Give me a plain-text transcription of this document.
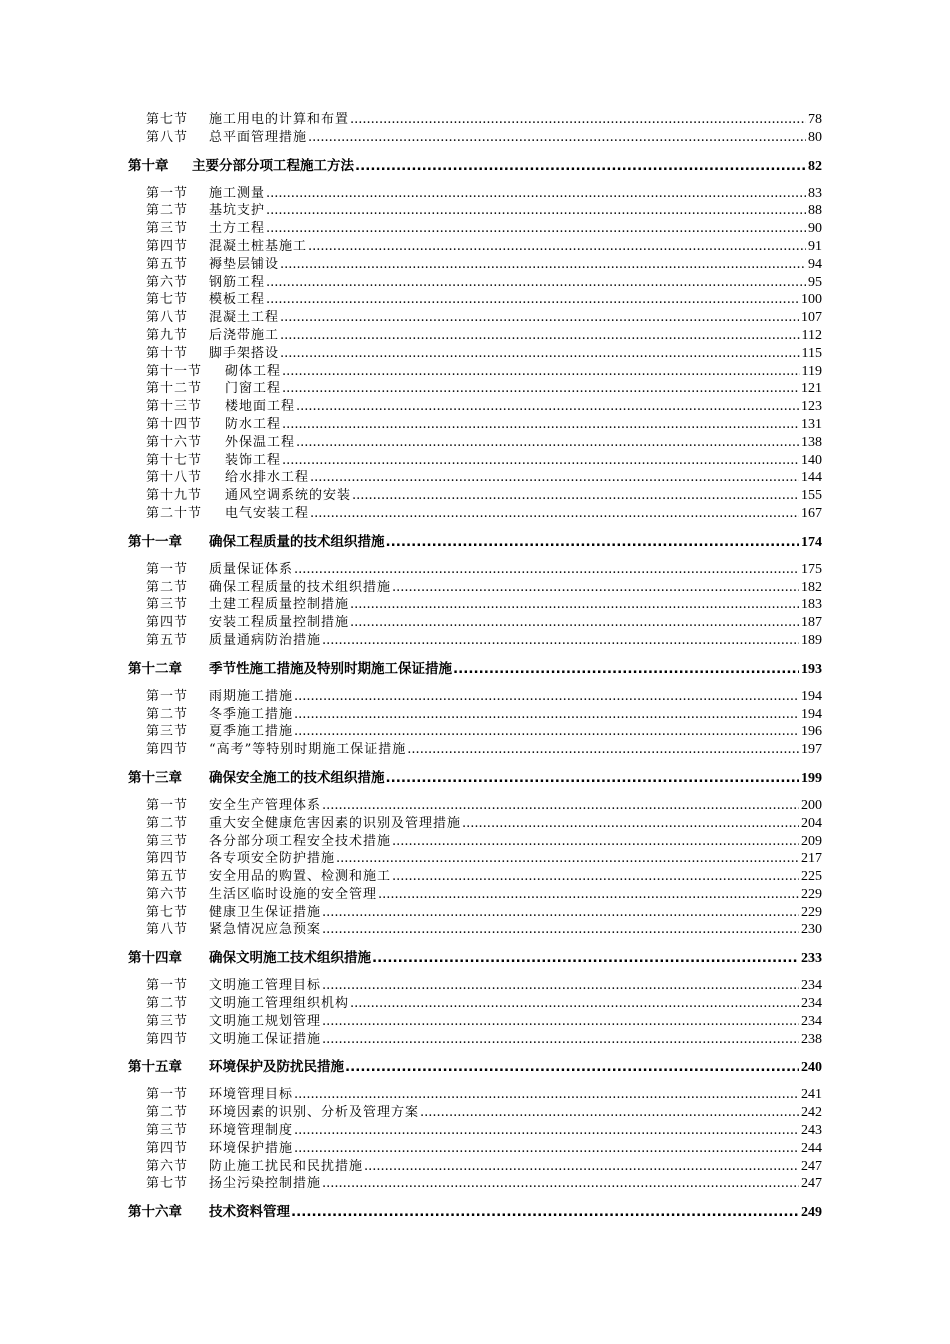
第七节 施工用电的计算和布置 .....	78
第八节 总平面管理措施 .....	80
第十章 主要分部分项工程施工方法 .....	82
第一节 施工测量 .....	83
第二节 基坑支护 .....	88
第三节 土方工程 .....	90
第四节 混凝土桩基施工 .....	91
第五节 褥垫层铺设 .....	94
第六节 钢筋工程 .....	95
第七节 模板工程 .....	100
第八节 混凝土工程 .....	107
第九节 后浇带施工 .....	112
第十节 脚手架搭设 .....	115
第十一节 砌体工程 .....	119
第十二节 门窗工程 .....	121
第十三节 楼地面工程 .....	123
第十四节 防水工程 .....	131
第十六节 外保温工程 .....	138
第十七节 装饰工程 .....	140
第十八节 给水排水工程 .....	144
第十九节 通风空调系统的安装 .....	155
第二十节 电气安装工程 .....	167
第十一章 确保工程质量的技术组织措施 .....	174
第一节 质量保证体系 .....	175
第二节 确保工程质量的技术组织措施 .....	182
第三节 土建工程质量控制措施 .....	183
第四节 安装工程质量控制措施 .....	187
第五节 质量通病防治措施 .....	189
第十二章 季节性施工措施及特别时期施工保证措施 .....	193
第一节 雨期施工措施 .....	194
第二节 冬季施工措施 .....	194
第三节 夏季施工措施 .....	196
第四节 “高考”等特别时期施工保证措施 .....	197
第十三章 确保安全施工的技术组织措施 .....	199
第一节 安全生产管理体系 .....	200
第二节 重大安全健康危害因素的识别及管理措施 .....	204
第三节 各分部分项工程安全技术措施 .....	209
第四节 各专项安全防护措施 .....	217
第五节 安全用品的购置、检测和施工 .....	225
第六节 生活区临时设施的安全管理 .....	229
第七节 健康卫生保证措施 .....	229
第八节 紧急情况应急预案 .....	230
第十四章 确保文明施工技术组织措施 .....	233
第一节 文明施工管理目标 .....	234
第二节 文明施工管理组织机构 .....	234
第三节 文明施工规划管理 .....	234
第四节 文明施工保证措施 .....	238
第十五章 环境保护及防扰民措施 .....	240
第一节 环境管理目标 .....	241
第二节 环境因素的识别、分析及管理方案 .....	242
第三节 环境管理制度 .....	243
第四节 环境保护措施 .....	244
第六节 防止施工扰民和民扰措施 .....	247
第七节 扬尘污染控制措施 .....	247
第十六章 技术资料管理 .....	249
